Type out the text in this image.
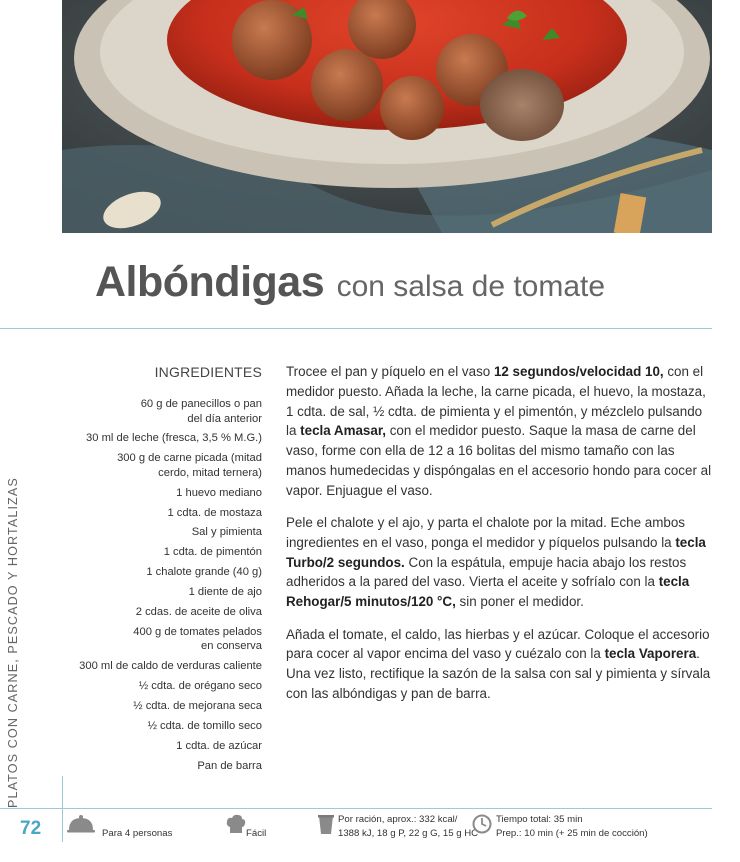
Albóndigas con salsa de tomate
PLATOS CON CARNE, PESCADO Y HORTALIZAS
INGREDIENTES
60 g de panecillos o pan
del día anterior
30 ml de leche (fresca, 3,5 % M.G.)
300 g de carne picada (mitad
cerdo, mitad ternera)
1 huevo mediano
1 cdta. de mostaza
Sal y pimienta
1 cdta. de pimentón
1 chalote grande (40 g)
1 diente de ajo
2 cdas. de aceite de oliva
400 g de tomates pelados
en conserva
300 ml de caldo de verduras caliente
½ cdta. de orégano seco
½ cdta. de mejorana seca
½ cdta. de tomillo seco
1 cdta. de azúcar
Pan de barra

Trocee el pan y píquelo en el vaso 12 segundos/velocidad 10, con el medidor puesto. Añada la leche, la carne picada, el huevo, la mostaza, 1 cdta. de sal, ½ cdta. de pimienta y el pimentón, y mézclelo pulsando la tecla Amasar, con el medidor puesto. Saque la masa de carne del vaso, forme con ella de 12 a 16 bolitas del mismo tamaño con las manos humedecidas y dispóngalas en el accesorio hondo para cocer al vapor. Enjuague el vaso.

Pele el chalote y el ajo, y parta el chalote por la mitad. Eche ambos ingredientes en el vaso, ponga el medidor y píquelos pulsando la tecla Turbo/2 segundos. Con la espátula, empuje hacia abajo los restos adheridos a la pared del vaso. Vierta el aceite y sofríalo con la tecla Rehogar/5 minutos/120 °C, sin poner el medidor.

Añada el tomate, el caldo, las hierbas y el azúcar. Coloque el accesorio para cocer al vapor encima del vaso y cuézalo con la tecla Vaporera. Una vez listo, rectifique la sazón de la salsa con sal y pimienta y sírvala con las albóndigas y pan de barra.

72	Para 4 personas	Fácil
Por ración, aprox.: 332 kcal/
1388 kJ, 18 g P, 22 g G, 15 g HC
Tiempo total: 35 min
Prep.: 10 min (+ 25 min de cocción)
